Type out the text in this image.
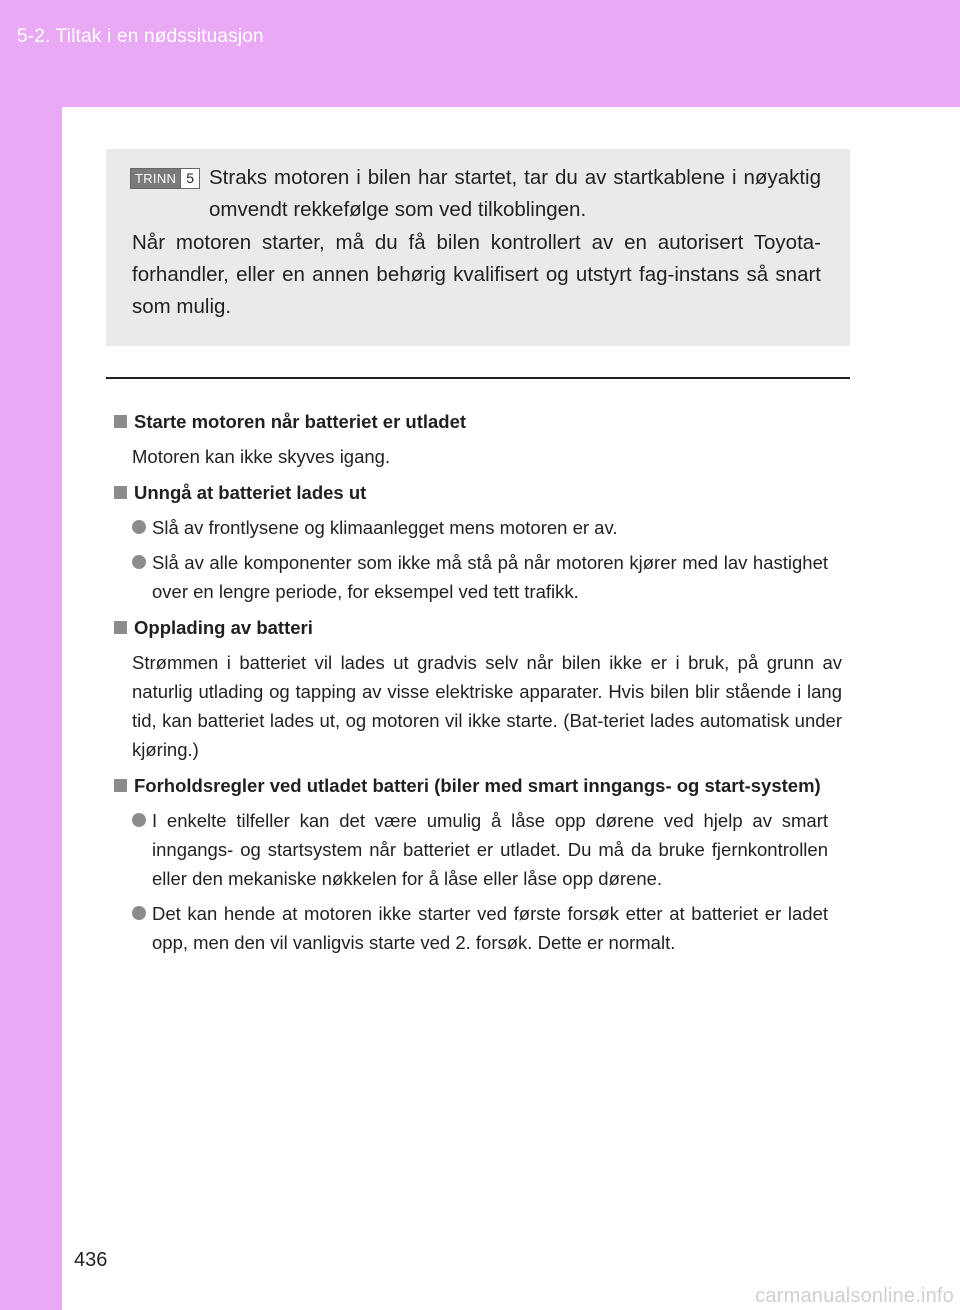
5-2. Tiltak i en nødssituasjon
TRINN 5 Straks motoren i bilen har startet, tar du av startkablene i nøyaktig omvendt rekkefølge som ved tilkoblingen.
Når motoren starter, må du få bilen kontrollert av en autorisert Toyota-forhandler, eller en annen behørig kvalifisert og utstyrt fag-instans så snart som mulig.
Starte motoren når batteriet er utladet
Motoren kan ikke skyves igang.
Unngå at batteriet lades ut
Slå av frontlysene og klimaanlegget mens motoren er av.
Slå av alle komponenter som ikke må stå på når motoren kjører med lav hastighet over en lengre periode, for eksempel ved tett trafikk.
Opplading av batteri
Strømmen i batteriet vil lades ut gradvis selv når bilen ikke er i bruk, på grunn av naturlig utlading og tapping av visse elektriske apparater. Hvis bilen blir stående i lang tid, kan batteriet lades ut, og motoren vil ikke starte. (Bat-teriet lades automatisk under kjøring.)
Forholdsregler ved utladet batteri (biler med smart inngangs- og start-system)
I enkelte tilfeller kan det være umulig å låse opp dørene ved hjelp av smart inngangs- og startsystem når batteriet er utladet. Du må da bruke fjernkontrollen eller den mekaniske nøkkelen for å låse eller låse opp dørene.
Det kan hende at motoren ikke starter ved første forsøk etter at batteriet er ladet opp, men den vil vanligvis starte ved 2. forsøk. Dette er normalt.
436
carmanualsonline.info
